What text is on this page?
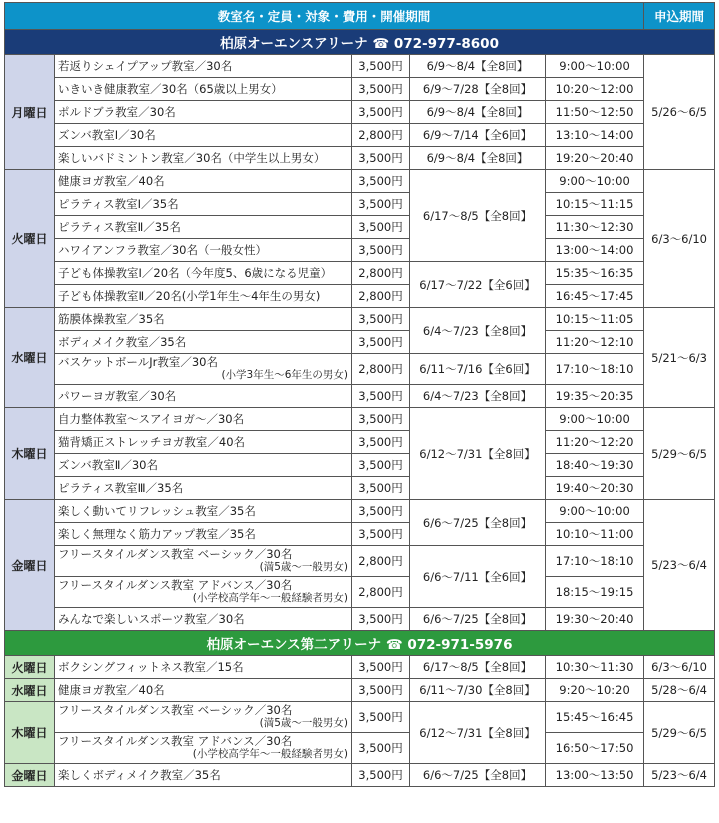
教室名・定員・対象・費用・開催期間					申込期間
柏原オーエンスアリーナ ☎ 072-977-8600					
月曜日	若返りシェイプアップ教室／30名	3,500円	6/9～8/4【全8回】	9:00～10:00	5/26～6/5
	いきいき健康教室／30名（65歳以上男女）	3,500円	6/9～7/28【全8回】	10:20～12:00	
	ポルドブラ教室／30名	3,500円	6/9～8/4【全8回】	11:50～12:50	
	ズンバ教室Ⅰ／30名	2,800円	6/9～7/14【全6回】	13:10～14:00	
	楽しいバドミントン教室／30名（中学生以上男女）	3,500円	6/9～8/4【全8回】	19:20～20:40	
火曜日	健康ヨガ教室／40名	3,500円	6/17～8/5【全8回】	9:00～10:00	6/3～6/10
	ピラティス教室Ⅰ／35名	3,500円		10:15～11:15	
	ピラティス教室Ⅱ／35名	3,500円		11:30～12:30	
	ハワイアンフラ教室／30名（一般女性）	3,500円		13:00～14:00	
	子ども体操教室Ⅰ／20名（今年度5、6歳になる児童）	2,800円	6/17～7/22【全6回】	15:35～16:35	
	子ども体操教室Ⅱ／20名(小学1年生～4年生の男女)	2,800円		16:45～17:45	
水曜日	筋膜体操教室／35名	3,500円	6/4～7/23【全8回】	10:15～11:05	5/21～6/3
	ボディメイク教室／35名	3,500円		11:20～12:10	
	バスケットボールJr教室／30名
(小学3年生～6年生の男女)	2,800円	6/11～7/16【全6回】	17:10～18:10	
	パワーヨガ教室／30名	3,500円	6/4～7/23【全8回】	19:35～20:35	
木曜日	自力整体教室～スアイヨガ～／30名	3,500円	6/12～7/31【全8回】	9:00～10:00	5/29～6/5
	猫背矯正ストレッチヨガ教室／40名	3,500円		11:20～12:20	
	ズンバ教室Ⅱ／30名	3,500円		18:40～19:30	
	ピラティス教室Ⅲ／35名	3,500円		19:40～20:30	
金曜日	楽しく動いてリフレッシュ教室／35名	3,500円	6/6～7/25【全8回】	9:00～10:00	5/23～6/4
	楽しく無理なく筋力アップ教室／35名	3,500円		10:10～11:00	
	フリースタイルダンス教室 ベーシック／30名
(満5歳～一般男女)	2,800円	6/6～7/11【全6回】	17:10～18:10	
	フリースタイルダンス教室 アドバンス／30名
(小学校高学年～一般経験者男女)	2,800円		18:15～19:15	
	みんなで楽しいスポーツ教室／30名	3,500円	6/6～7/25【全8回】	19:30～20:40	
柏原オーエンス第二アリーナ ☎ 072-971-5976					
火曜日	ボクシングフィットネス教室／15名	3,500円	6/17～8/5【全8回】	10:30～11:30	6/3～6/10
水曜日	健康ヨガ教室／40名	3,500円	6/11～7/30【全8回】	9:20～10:20	5/28～6/4
木曜日	フリースタイルダンス教室 ベーシック／30名
(満5歳～一般男女)	3,500円	6/12～7/31【全8回】	15:45～16:45	5/29～6/5
	フリースタイルダンス教室 アドバンス／30名
(小学校高学年～一般経験者男女)	3,500円		16:50～17:50	
金曜日	楽しくボディメイク教室／35名	3,500円	6/6～7/25【全8回】	13:00～13:50	5/23～6/4
